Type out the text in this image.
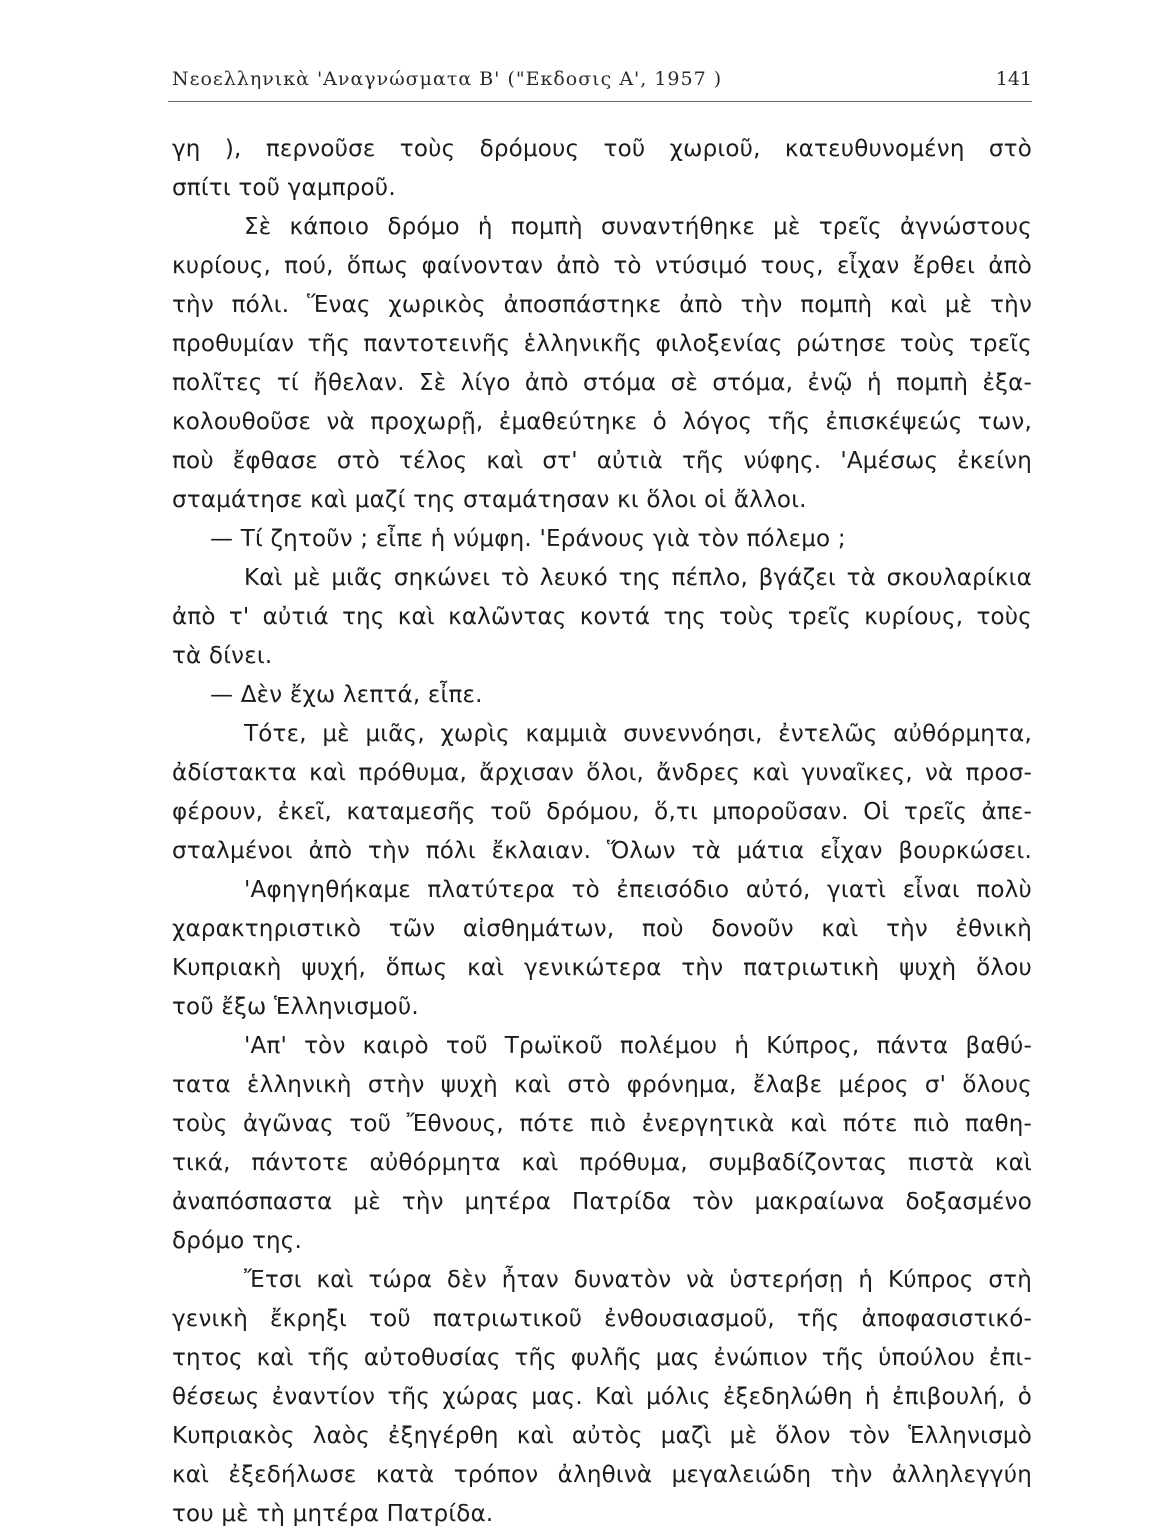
Νεοελληνικὰ 'Αναγνώσματα Β' ("Εκδοσις Α', 1957 )	141
γη ), περνοῦσε τοὺς δρόμους τοῦ χωριοῦ, κατευθυνομένη στὸ
σπίτι τοῦ γαμπροῦ.
Σὲ κάποιο δρόμο ἡ πομπὴ συναντήθηκε μὲ τρεῖς ἀγνώστους
κυρίους, πού, ὅπως φαίνονταν ἀπὸ τὸ ντύσιμό τους, εἶχαν ἔρθει ἀπὸ
τὴν πόλι. Ἕνας χωρικὸς ἀποσπάστηκε ἀπὸ τὴν πομπὴ καὶ μὲ τὴν
προθυμίαν τῆς παντοτεινῆς ἑλληνικῆς φιλοξενίας ρώτησε τοὺς τρεῖς
πολῖτες τί ἤθελαν. Σὲ λίγο ἀπὸ στόμα σὲ στόμα, ἐνῷ ἡ πομπὴ ἐξα-
κολουθοῦσε νὰ προχωρῇ, ἐμαθεύτηκε ὁ λόγος τῆς ἐπισκέψεώς των,
ποὺ ἔφθασε στὸ τέλος καὶ στ' αὐτιὰ τῆς νύφης. 'Αμέσως ἐκείνη
σταμάτησε καὶ μαζί της σταμάτησαν κι ὅλοι οἱ ἄλλοι.
— Τί ζητοῦν ; εἶπε ἡ νύμφη. 'Εράνους γιὰ τὸν πόλεμο ;
Καὶ μὲ μιᾶς σηκώνει τὸ λευκό της πέπλο, βγάζει τὰ σκουλαρίκια
ἀπὸ τ' αὐτιά της καὶ καλῶντας κοντά της τοὺς τρεῖς κυρίους, τοὺς
τὰ δίνει.
— Δὲν ἔχω λεπτά, εἶπε.
Τότε, μὲ μιᾶς, χωρὶς καμμιὰ συνεννόησι, ἐντελῶς αὐθόρμητα,
ἀδίστακτα καὶ πρόθυμα, ἄρχισαν ὅλοι, ἄνδρες καὶ γυναῖκες, νὰ προσ-
φέρουν, ἐκεῖ, καταμεσῆς τοῦ δρόμου, ὅ,τι μποροῦσαν. Οἱ τρεῖς ἀπε-
σταλμένοι ἀπὸ τὴν πόλι ἔκλαιαν. Ὅλων τὰ μάτια εἶχαν βουρκώσει.
'Αφηγηθήκαμε πλατύτερα τὸ ἐπεισόδιο αὐτό, γιατὶ εἶναι πολὺ
χαρακτηριστικὸ τῶν αἰσθημάτων, ποὺ δονοῦν καὶ τὴν ἐθνικὴ
Κυπριακὴ ψυχή, ὅπως καὶ γενικώτερα τὴν πατριωτικὴ ψυχὴ ὅλου
τοῦ ἔξω Ἑλληνισμοῦ.
'Απ' τὸν καιρὸ τοῦ Τρωϊκοῦ πολέμου ἡ Κύπρος, πάντα βαθύ-
τατα ἑλληνικὴ στὴν ψυχὴ καὶ στὸ φρόνημα, ἔλαβε μέρος σ' ὅλους
τοὺς ἀγῶνας τοῦ Ἔθνους, πότε πιὸ ἐνεργητικὰ καὶ πότε πιὸ παθη-
τικά, πάντοτε αὐθόρμητα καὶ πρόθυμα, συμβαδίζοντας πιστὰ καὶ
ἀναπόσπαστα μὲ τὴν μητέρα Πατρίδα τὸν μακραίωνα δοξασμένο
δρόμο της.
Ἔτσι καὶ τώρα δὲν ἦταν δυνατὸν νὰ ὑστερήσῃ ἡ Κύπρος στὴ
γενικὴ ἔκρηξι τοῦ πατριωτικοῦ ἐνθουσιασμοῦ, τῆς ἀποφασιστικό-
τητος καὶ τῆς αὐτοθυσίας τῆς φυλῆς μας ἐνώπιον τῆς ὑπούλου ἐπι-
θέσεως ἐναντίον τῆς χώρας μας. Καὶ μόλις ἐξεδηλώθη ἡ ἐπιβουλή, ὁ
Κυπριακὸς λαὸς ἐξηγέρθη καὶ αὐτὸς μαζὶ μὲ ὅλον τὸν Ἑλληνισμὸ
καὶ ἐξεδήλωσε κατὰ τρόπον ἀληθινὰ μεγαλειώδη τὴν ἀλληλεγγύη
του μὲ τὴ μητέρα Πατρίδα.
